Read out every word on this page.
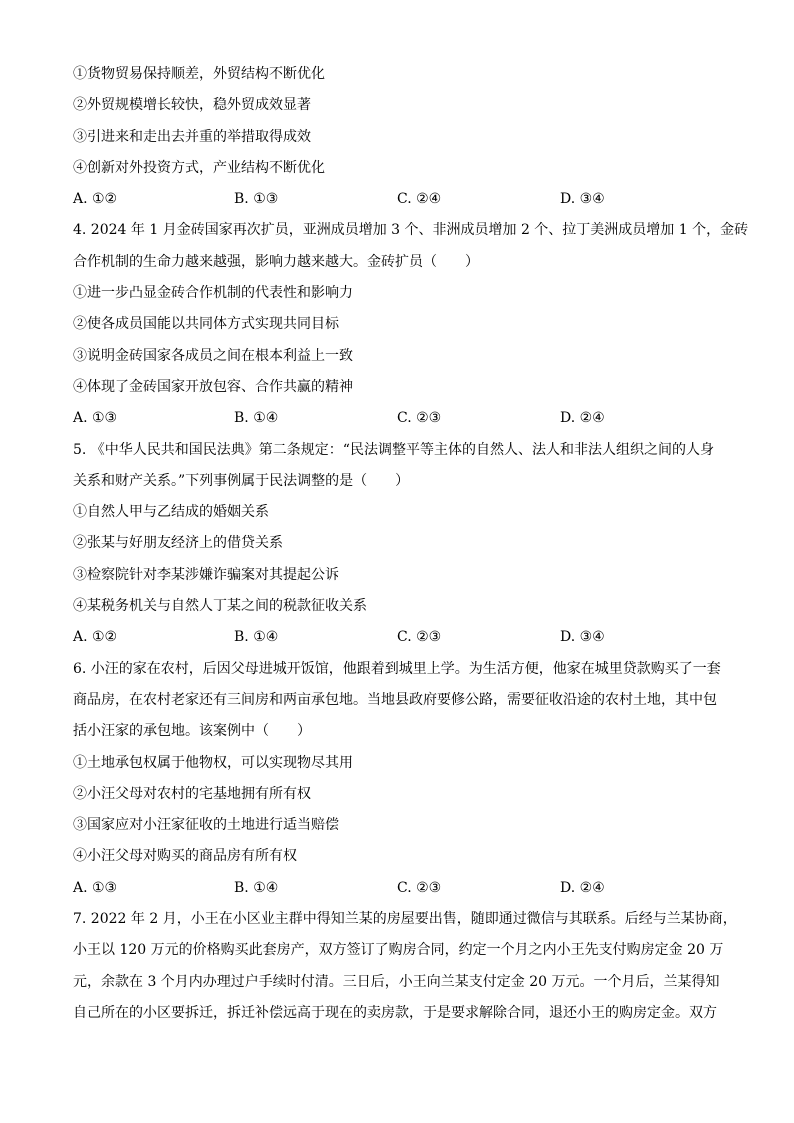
①货物贸易保持顺差，外贸结构不断优化
②外贸规模增长较快，稳外贸成效显著
③引进来和走出去并重的举措取得成效
④创新对外投资方式，产业结构不断优化
A. ①②	B. ①③	C. ②④	D. ③④
4. 2024 年 1 月金砖国家再次扩员，亚洲成员增加 3 个、非洲成员增加 2 个、拉丁美洲成员增加 1 个，金砖
合作机制的生命力越来越强，影响力越来越大。金砖扩员（　　）
①进一步凸显金砖合作机制的代表性和影响力
②使各成员国能以共同体方式实现共同目标
③说明金砖国家各成员之间在根本利益上一致
④体现了金砖国家开放包容、合作共赢的精神
A. ①③	B. ①④	C. ②③	D. ②④
5. 《中华人民共和国民法典》第二条规定：“民法调整平等主体的自然人、法人和非法人组织之间的人身
关系和财产关系。”下列事例属于民法调整的是（　　）
①自然人甲与乙结成的婚姻关系
②张某与好朋友经济上的借贷关系
③检察院针对李某涉嫌诈骗案对其提起公诉
④某税务机关与自然人丁某之间的税款征收关系
A. ①②	B. ①④	C. ②③	D. ③④
6. 小汪的家在农村，后因父母进城开饭馆，他跟着到城里上学。为生活方便，他家在城里贷款购买了一套
商品房，在农村老家还有三间房和两亩承包地。当地县政府要修公路，需要征收沿途的农村土地，其中包
括小汪家的承包地。该案例中（　　）
①土地承包权属于他物权，可以实现物尽其用
②小汪父母对农村的宅基地拥有所有权
③国家应对小汪家征收的土地进行适当赔偿
④小汪父母对购买的商品房有所有权
A. ①③	B. ①④	C. ②③	D. ②④
7. 2022 年 2 月，小王在小区业主群中得知兰某的房屋要出售，随即通过微信与其联系。后经与兰某协商，
小王以 120 万元的价格购买此套房产，双方签订了购房合同，约定一个月之内小王先支付购房定金 20 万
元，余款在 3 个月内办理过户手续时付清。三日后，小王向兰某支付定金 20 万元。一个月后，兰某得知
自己所在的小区要拆迁，拆迁补偿远高于现在的卖房款，于是要求解除合同，退还小王的购房定金。双方
